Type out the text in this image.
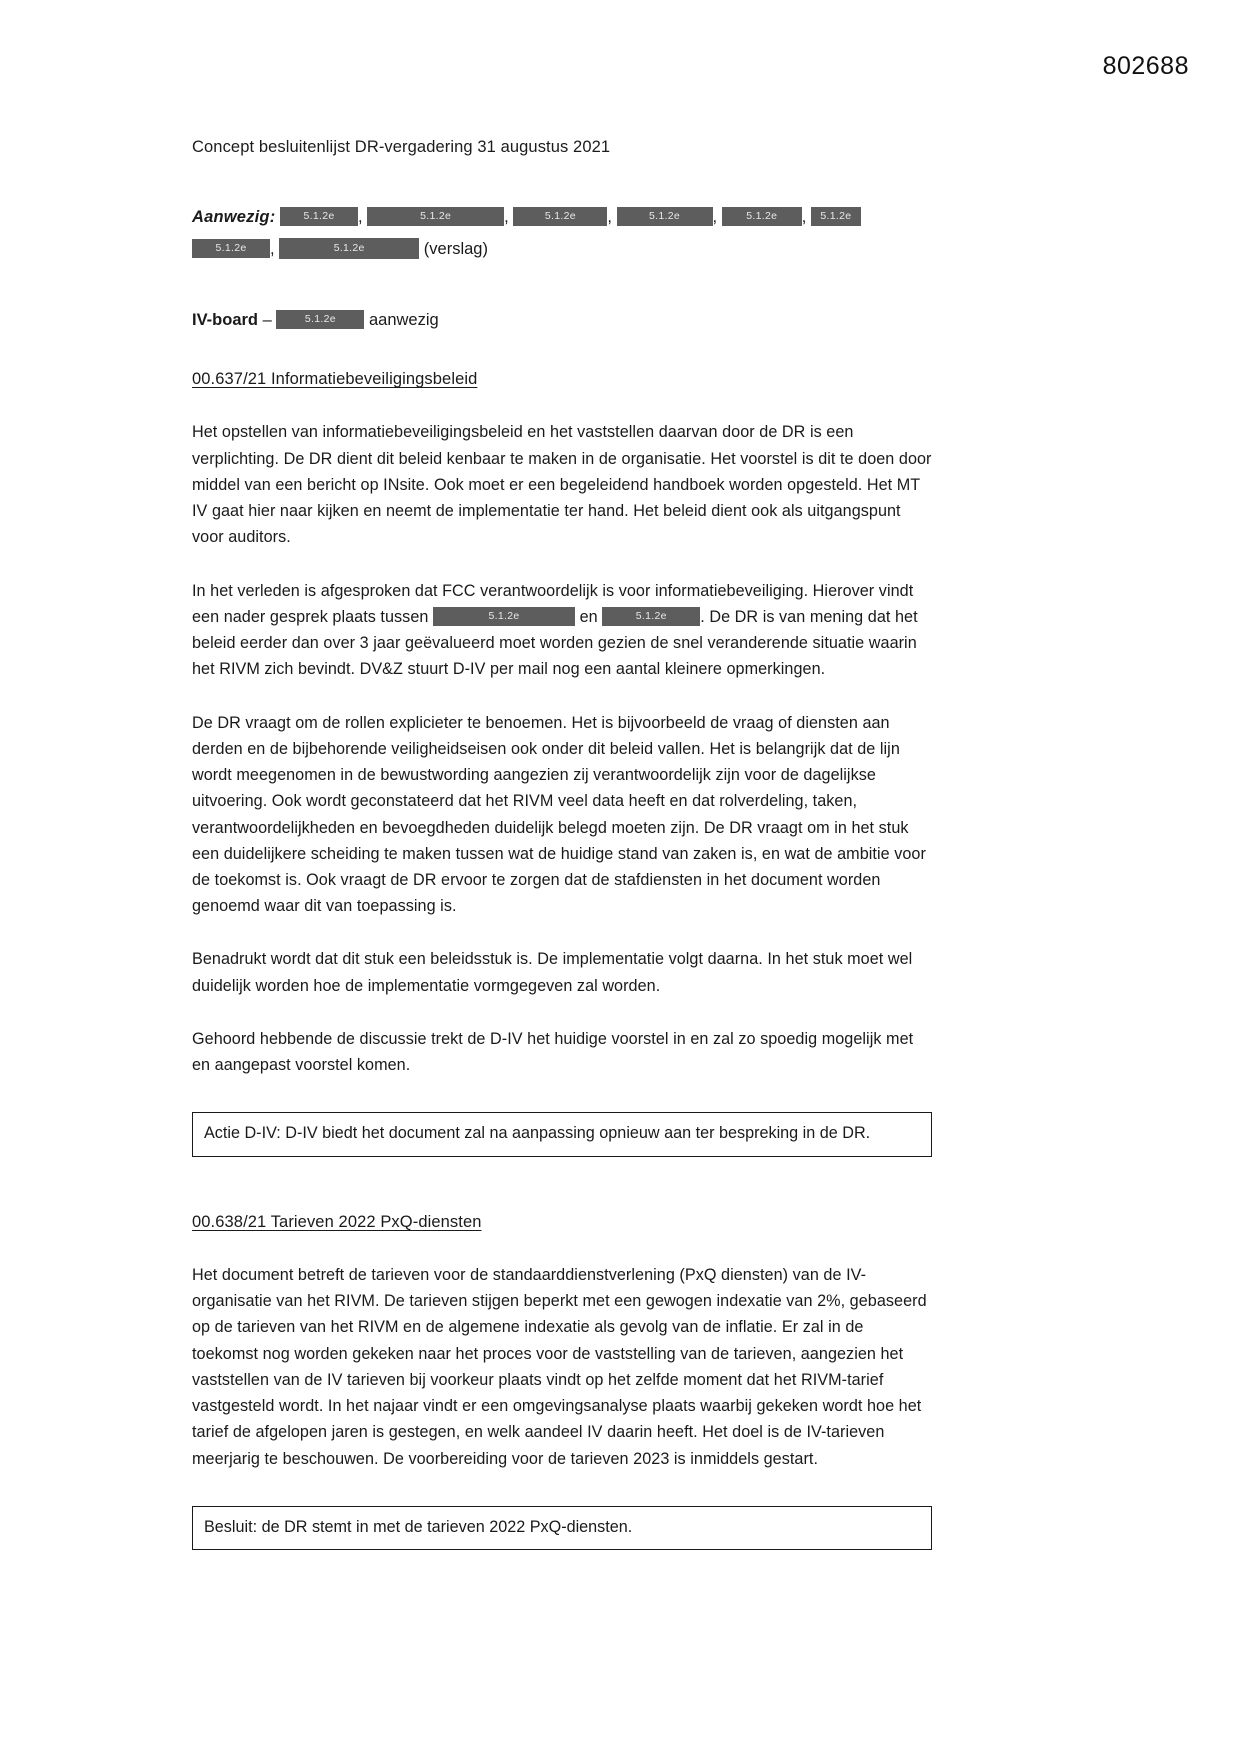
802688
Concept besluitenlijst DR-vergadering 31 augustus 2021
Aanwezig:	5.1.2e ,	5.1.2e	,	5.1.2e ,	5.1.2e ,	5.1.2e , 5.1.2e
5.1.2e ,	5.1.2e	(verslag)
IV-board –	5.1.2e aanwezig
00.637/21 Informatiebeveiligingsbeleid

Het opstellen van informatiebeveiligingsbeleid en het vaststellen daarvan door de DR is een verplichting. De DR dient dit beleid kenbaar te maken in de organisatie. Het voorstel is dit te doen door middel van een bericht op INsite. Ook moet er een begeleidend handboek worden opgesteld. Het MT IV gaat hier naar kijken en neemt de implementatie ter hand. Het beleid dient ook als uitgangspunt voor auditors.

In het verleden is afgesproken dat FCC verantwoordelijk is voor informatiebeveiliging. Hierover vindt een nader gesprek plaats tussen	5.1.2e	en	5.1.2e . De DR is van mening dat het beleid eerder dan over 3 jaar geëvalueerd moet worden gezien de snel veranderende situatie waarin het RIVM zich bevindt. DV&Z stuurt D-IV per mail nog een aantal kleinere opmerkingen.

De DR vraagt om de rollen explicieter te benoemen. Het is bijvoorbeeld de vraag of diensten aan derden en de bijbehorende veiligheidseisen ook onder dit beleid vallen. Het is belangrijk dat de lijn wordt meegenomen in de bewustwording aangezien zij verantwoordelijk zijn voor de dagelijkse uitvoering. Ook wordt geconstateerd dat het RIVM veel data heeft en dat rolverdeling, taken, verantwoordelijkheden en bevoegdheden duidelijk belegd moeten zijn. De DR vraagt om in het stuk een duidelijkere scheiding te maken tussen wat de huidige stand van zaken is, en wat de ambitie voor de toekomst is. Ook vraagt de DR ervoor te zorgen dat de stafdiensten in het document worden genoemd waar dit van toepassing is.

Benadrukt wordt dat dit stuk een beleidsstuk is. De implementatie volgt daarna. In het stuk moet wel duidelijk worden hoe de implementatie vormgegeven zal worden.

Gehoord hebbende de discussie trekt de D-IV het huidige voorstel in en zal zo spoedig mogelijk met en aangepast voorstel komen.

Actie D-IV: D-IV biedt het document zal na aanpassing opnieuw aan ter bespreking in de DR.
00.638/21 Tarieven 2022 PxQ-diensten

Het document betreft de tarieven voor de standaarddienstverlening (PxQ diensten) van de IV-organisatie van het RIVM. De tarieven stijgen beperkt met een gewogen indexatie van 2%, gebaseerd op de tarieven van het RIVM en de algemene indexatie als gevolg van de inflatie. Er zal in de toekomst nog worden gekeken naar het proces voor de vaststelling van de tarieven, aangezien het vaststellen van de IV tarieven bij voorkeur plaats vindt op het zelfde moment dat het RIVM-tarief vastgesteld wordt. In het najaar vindt er een omgevingsanalyse plaats waarbij gekeken wordt hoe het tarief de afgelopen jaren is gestegen, en welk aandeel IV daarin heeft. Het doel is de IV-tarieven meerjarig te beschouwen. De voorbereiding voor de tarieven 2023 is inmiddels gestart.

Besluit: de DR stemt in met de tarieven 2022 PxQ-diensten.
